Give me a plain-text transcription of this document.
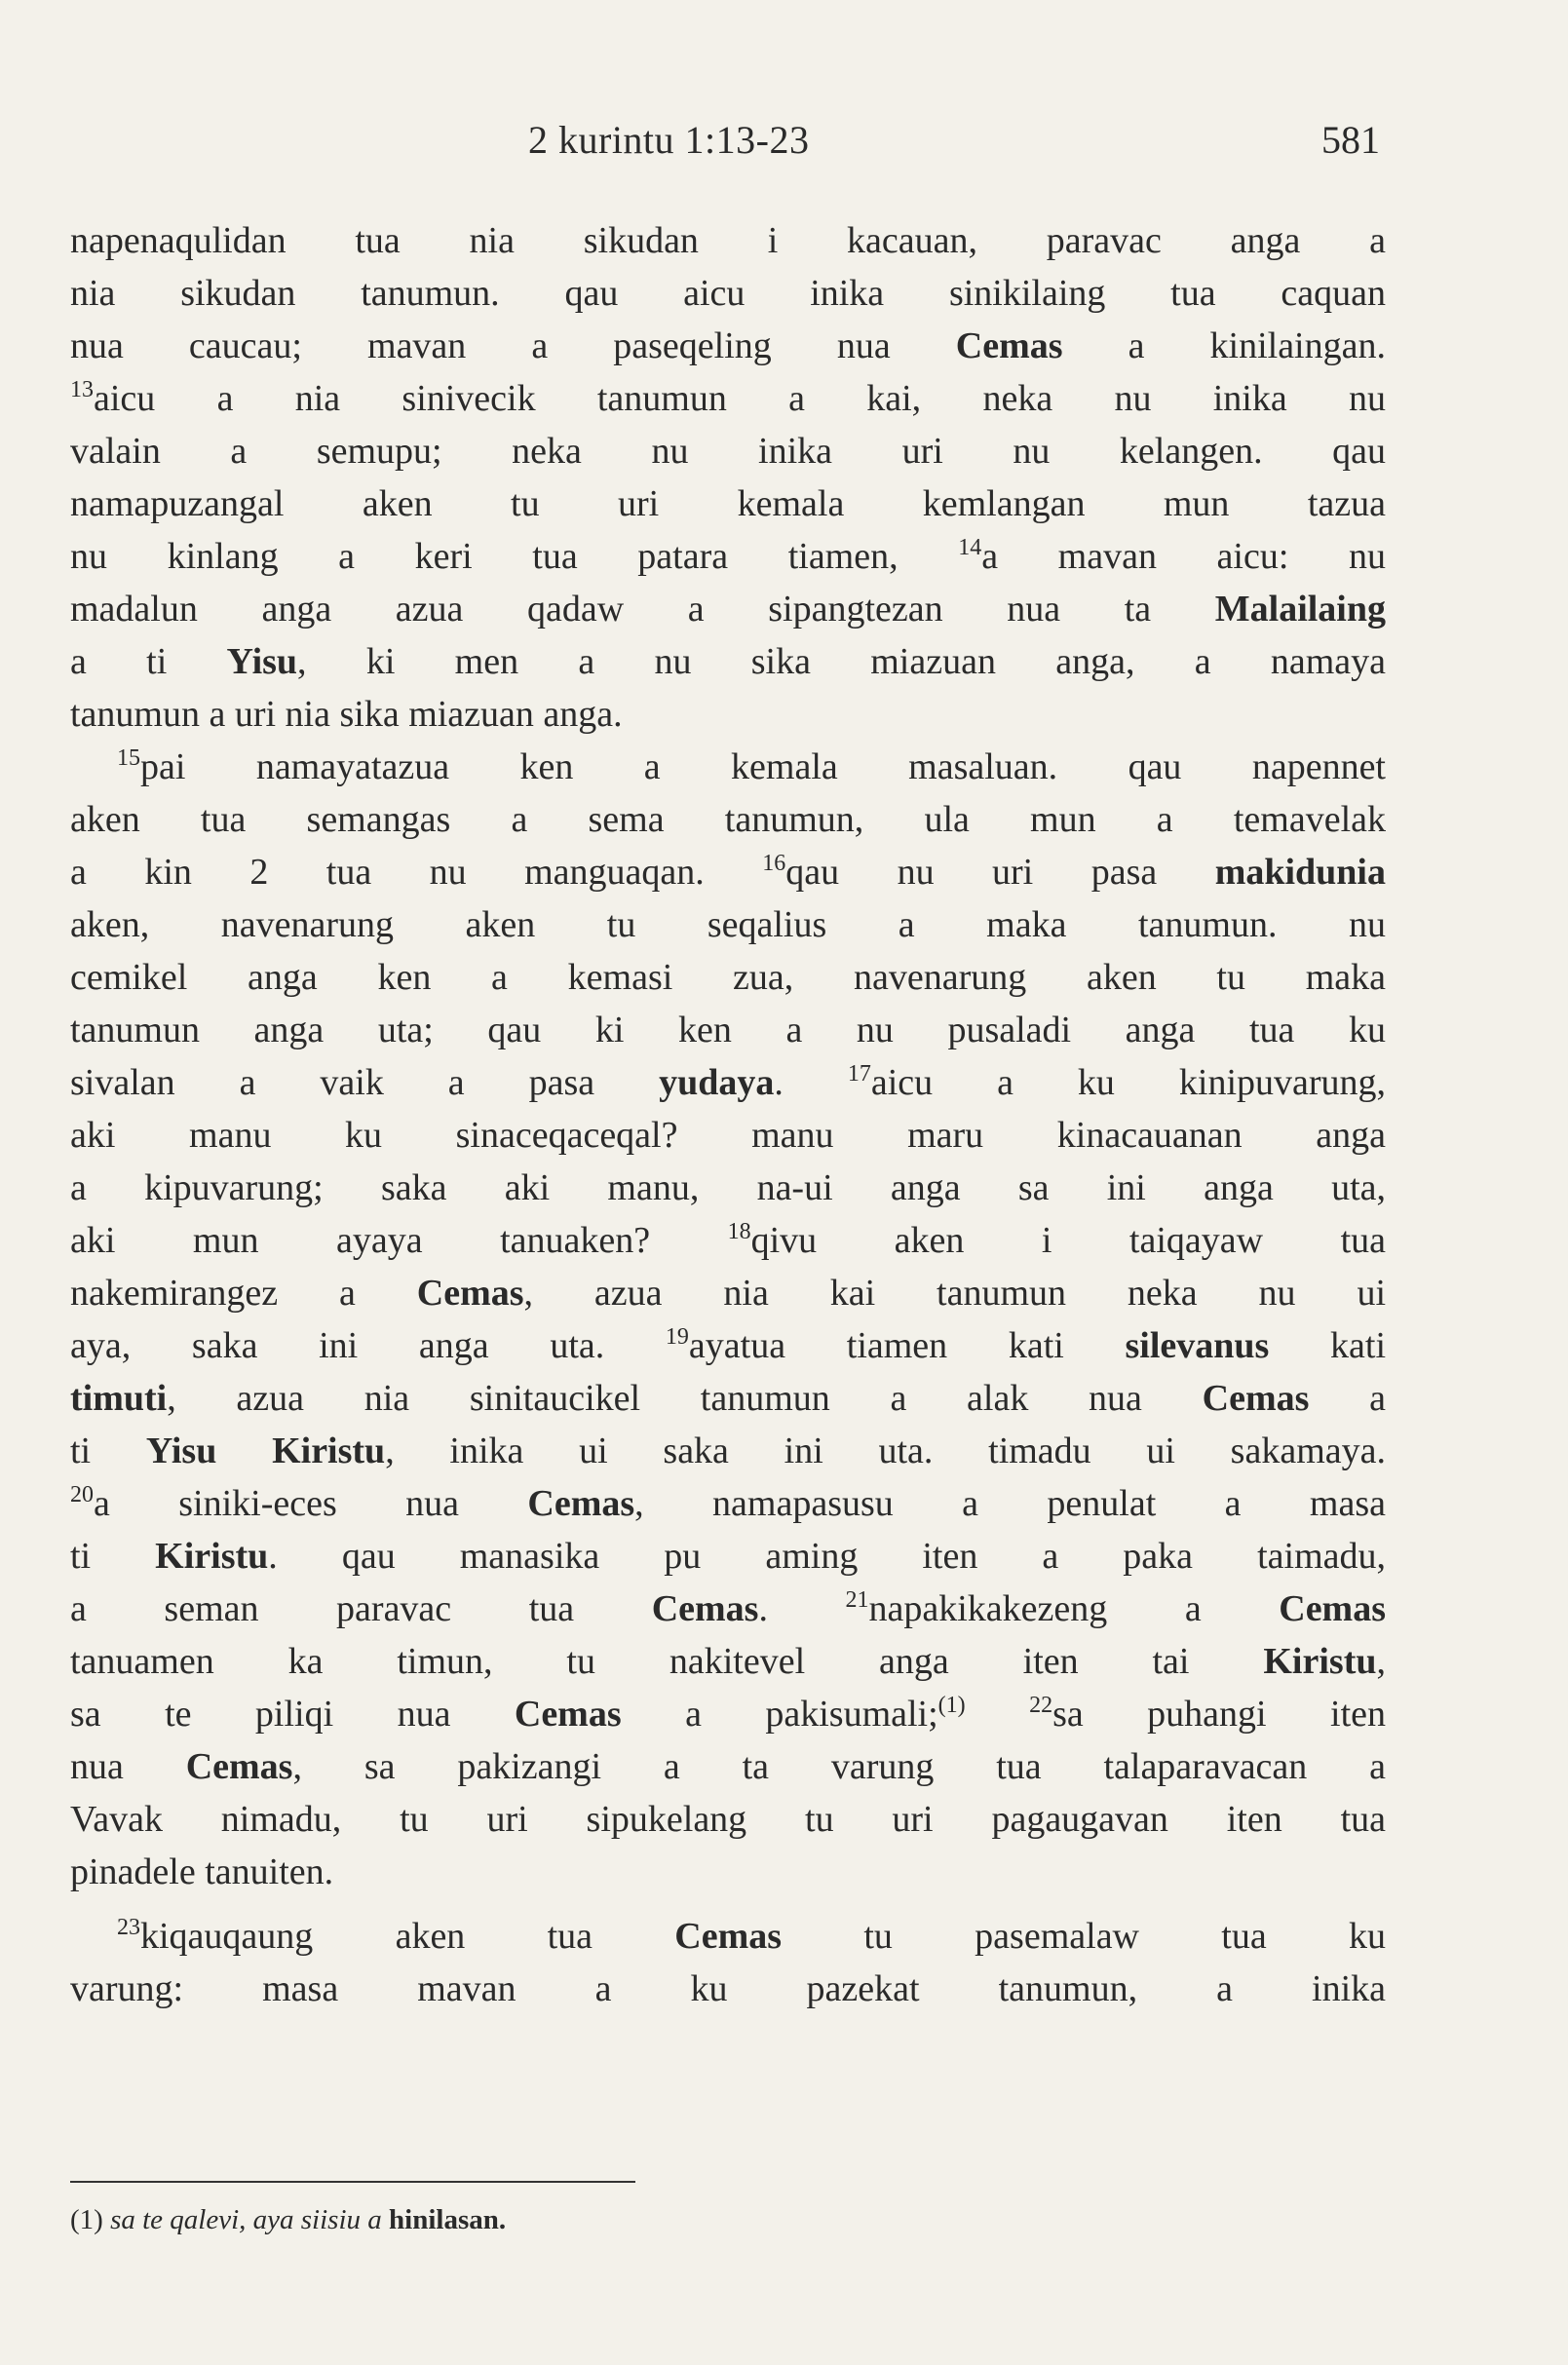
2 kurintu 1:13-23	581
napenaqulidan tua nia sikudan i kacauan, paravac anga a
nia sikudan tanumun. qau aicu inika sinikilaing tua caquan
nua caucau; mavan a paseqeling nua Cemas a kinilaingan.
$^{13}$aicu a nia sinivecik tanumun a kai, neka nu inika nu
valain a semupu; neka nu inika uri nu kelangen. qau
namapuzangal aken tu uri kemala kemlangan mun tazua
nu kinlang a keri tua patara tiamen, $^{14}$a mavan aicu: nu
madalun anga azua qadaw a sipangtezan nua ta Malailaing
a ti Yisu, ki men a nu sika miazuan anga, a namaya
tanumun a uri nia sika miazuan anga.
$^{15}$pai namayatazua ken a kemala masaluan. qau napennet
aken tua semangas a sema tanumun, ula mun a temavelak
a kin 2 tua nu manguaqan. $^{16}$qau nu uri pasa makidunia
aken, navenarung aken tu seqalius a maka tanumun. nu
cemikel anga ken a kemasi zua, navenarung aken tu maka
tanumun anga uta; qau ki ken a nu pusaladi anga tua ku
sivalan a vaik a pasa yudaya. $^{17}$aicu a ku kinipuvarung,
aki manu ku sinaceqaceqal? manu maru kinacauanan anga
a kipuvarung; saka aki manu, na-ui anga sa ini anga uta,
aki mun ayaya tanuaken? $^{18}$qivu aken i taiqayaw tua
nakemirangez a Cemas, azua nia kai tanumun neka nu ui
aya, saka ini anga uta. $^{19}$ayatua tiamen kati silevanus kati
timuti, azua nia sinitaucikel tanumun a alak nua Cemas a
ti Yisu Kiristu, inika ui saka ini uta. timadu ui sakamaya.
$^{20}$a siniki-eces nua Cemas, namapasusu a penulat a masa
ti Kiristu. qau manasika pu aming iten a paka taimadu,
a seman paravac tua Cemas. $^{21}$napakikakezeng a Cemas
tanuamen ka timun, tu nakitevel anga iten tai Kiristu,
sa te piliqi nua Cemas a pakisumali;$^{(1)}$	$^{22}$sa puhangi iten
nua Cemas, sa pakizangi a ta varung tua talaparavacan a
Vavak nimadu, tu uri sipukelang tu uri pagaugavan iten tua
pinadele tanuiten.
$^{23}$kiqauqaung aken tua Cemas tu pasemalaw tua ku
varung: masa mavan a ku pazekat tanumun, a inika
(1) sa te qalevi, aya siisiu a hinilasan.
